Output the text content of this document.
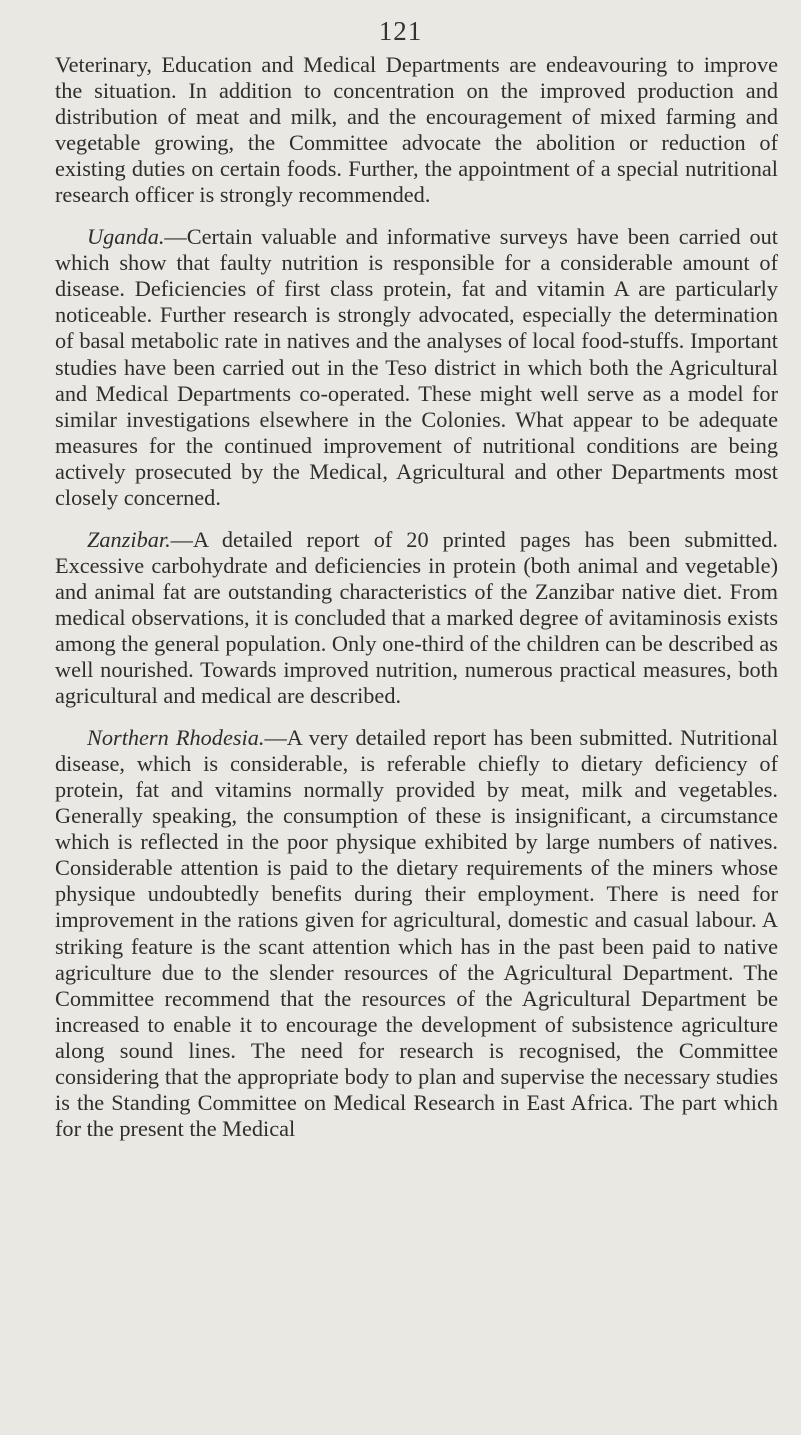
121

Veterinary, Education and Medical Departments are endeavouring to improve the situation. In addition to concentration on the improved production and distribution of meat and milk, and the encouragement of mixed farming and vegetable growing, the Committee advocate the abolition or reduction of existing duties on certain foods. Further, the appointment of a special nutritional research officer is strongly recommended.

Uganda.—Certain valuable and informative surveys have been carried out which show that faulty nutrition is responsible for a considerable amount of disease. Deficiencies of first class protein, fat and vitamin A are particularly noticeable. Further research is strongly advocated, especially the determination of basal metabolic rate in natives and the analyses of local food-stuffs. Important studies have been carried out in the Teso district in which both the Agricultural and Medical Departments co-operated. These might well serve as a model for similar investigations elsewhere in the Colonies. What appear to be adequate measures for the continued improvement of nutritional conditions are being actively prosecuted by the Medical, Agricultural and other Departments most closely concerned.

Zanzibar.—A detailed report of 20 printed pages has been submitted. Excessive carbohydrate and deficiencies in protein (both animal and vegetable) and animal fat are outstanding characteristics of the Zanzibar native diet. From medical observations, it is concluded that a marked degree of avitaminosis exists among the general population. Only one-third of the children can be described as well nourished. Towards improved nutrition, numerous practical measures, both agricultural and medical are described.

Northern Rhodesia.—A very detailed report has been submitted. Nutritional disease, which is considerable, is referable chiefly to dietary deficiency of protein, fat and vitamins normally provided by meat, milk and vegetables. Generally speaking, the consumption of these is insignificant, a circumstance which is reflected in the poor physique exhibited by large numbers of natives. Considerable attention is paid to the dietary requirements of the miners whose physique undoubtedly benefits during their employment. There is need for improvement in the rations given for agricultural, domestic and casual labour. A striking feature is the scant attention which has in the past been paid to native agriculture due to the slender resources of the Agricultural Department. The Committee recommend that the resources of the Agricultural Department be increased to enable it to encourage the development of subsistence agriculture along sound lines. The need for research is recognised, the Committee considering that the appropriate body to plan and supervise the necessary studies is the Standing Committee on Medical Research in East Africa. The part which for the present the Medical
